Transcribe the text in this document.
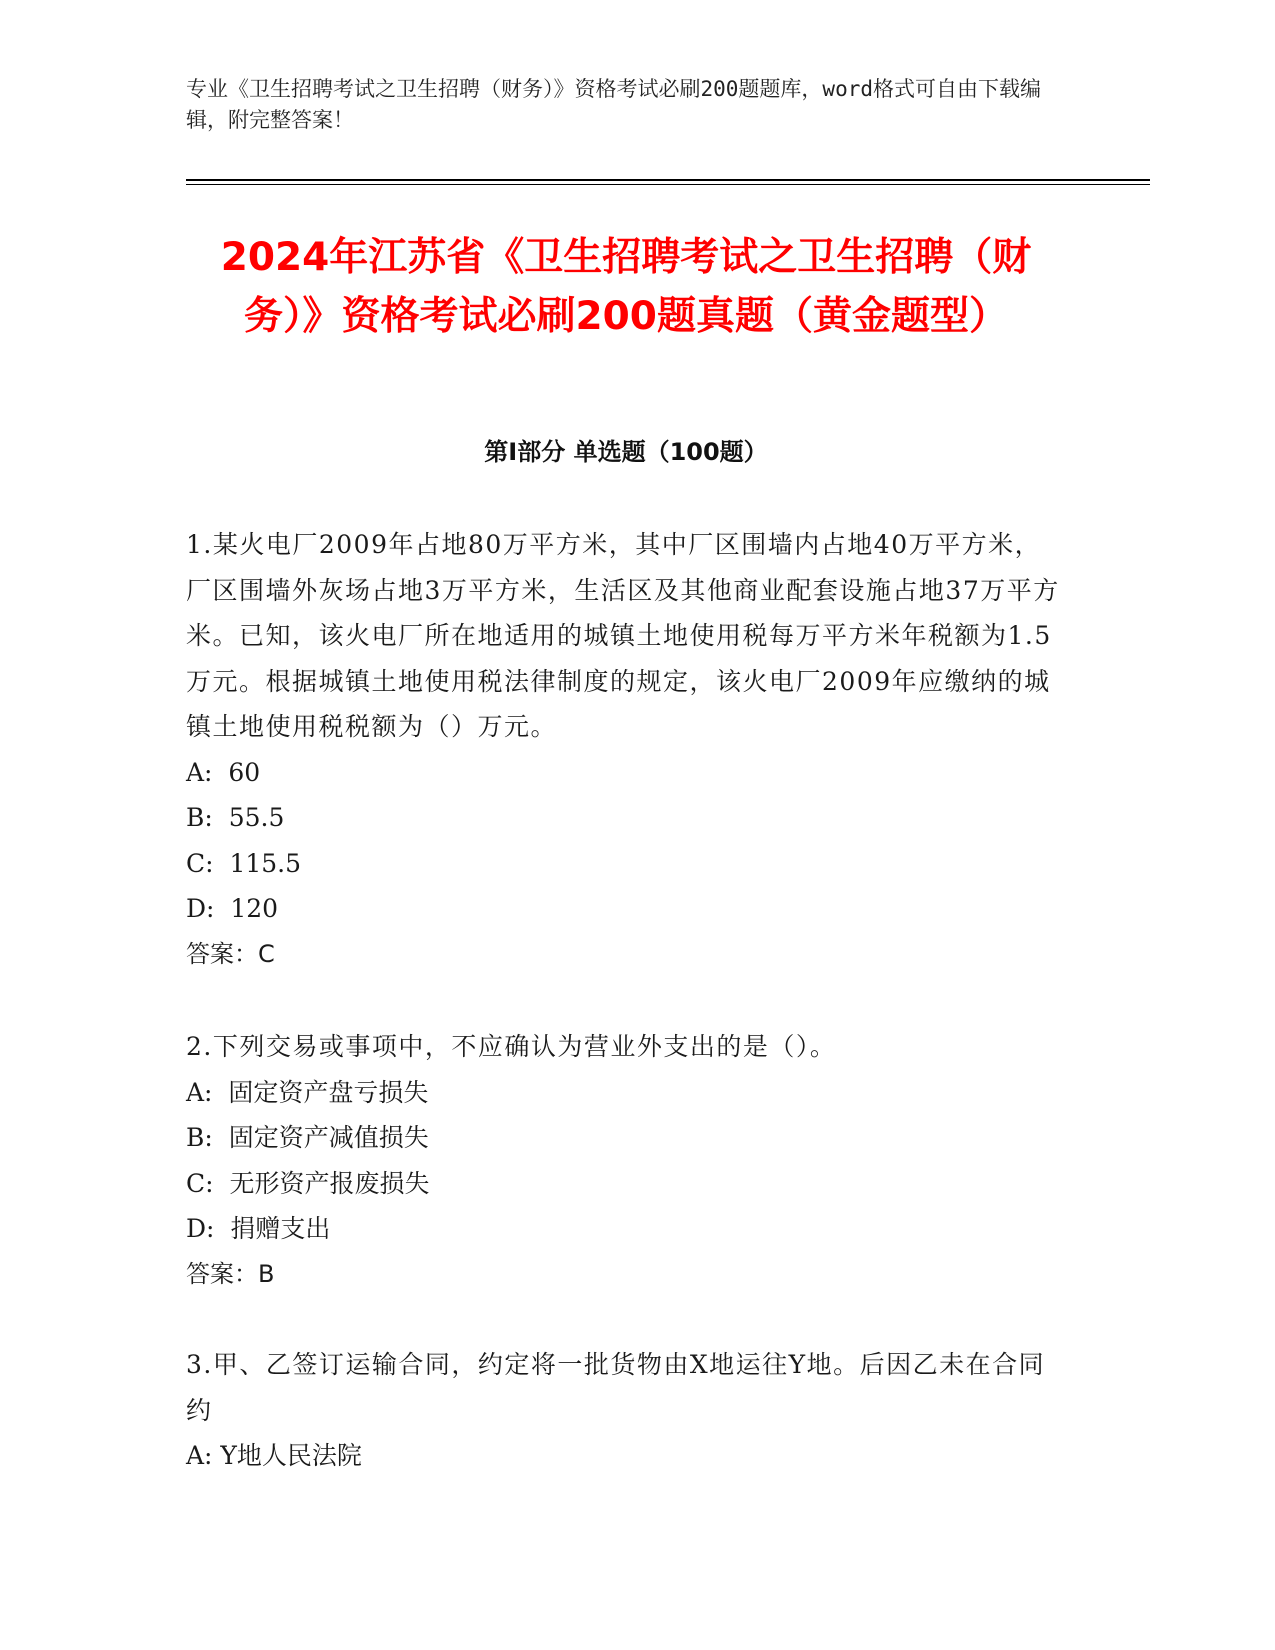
专业《卫生招聘考试之卫生招聘（财务）》资格考试必刷200题题库，word格式可自由下载编辑，附完整答案！
2024年江苏省《卫生招聘考试之卫生招聘（财务）》资格考试必刷200题真题（黄金题型）
第I部分 单选题（100题）

1.某火电厂2009年占地80万平方米，其中厂区围墙内占地40万平方米，厂区围墙外灰场占地3万平方米，生活区及其他商业配套设施占地37万平方米。已知，该火电厂所在地适用的城镇土地使用税每万平方米年税额为1.5万元。根据城镇土地使用税法律制度的规定，该火电厂2009年应缴纳的城镇土地使用税税额为（）万元。

A:  60

B:  55.5

C:  115.5

D:  120

答案：C

2.下列交易或事项中，不应确认为营业外支出的是（）。

A:  固定资产盘亏损失

B:  固定资产减值损失

C:  无形资产报废损失

D:  捐赠支出

答案：B

3.甲、乙签订运输合同，约定将一批货物由X地运往Y地。后因乙未在合同约

A: Y地人民法院
